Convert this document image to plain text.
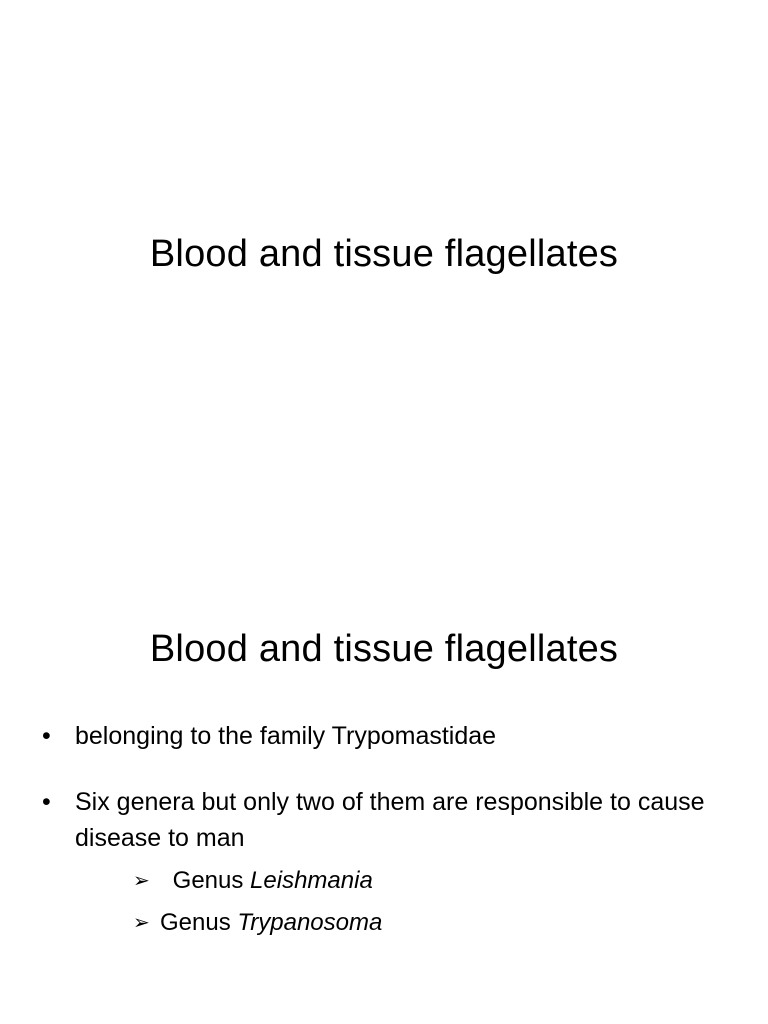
Blood and tissue flagellates
Blood and tissue flagellates
• belonging to the family Trypomastidae
• Six genera but only two of them are responsible to cause disease to man
➢ Genus Leishmania
➢ Genus Trypanosoma
